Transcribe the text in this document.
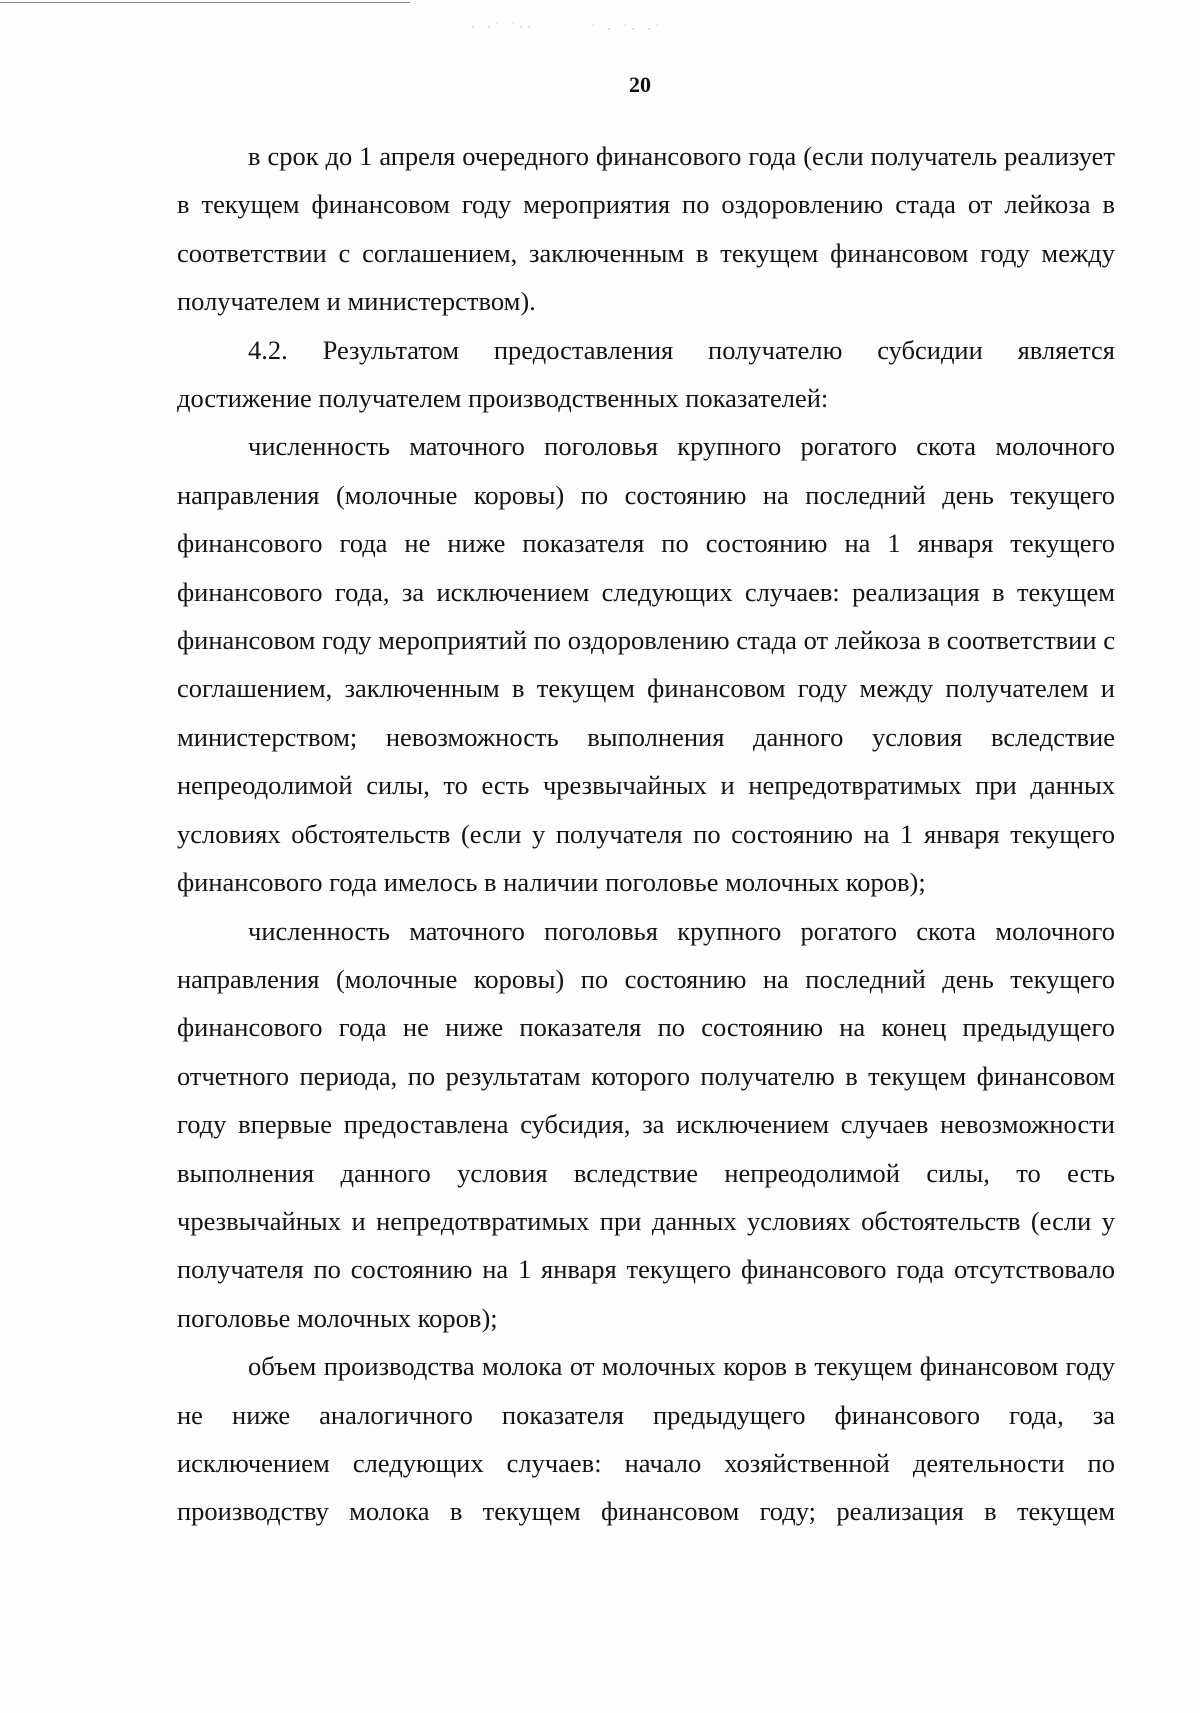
· ·˙ ˙··	˙ · ˙· ·˙
20

в срок до 1 апреля очередного финансового года (если получатель реализует в текущем финансовом году мероприятия по оздоровлению стада от лейкоза в соответствии с соглашением, заключенным в текущем финансовом году между получателем и министерством).

4.2. Результатом предоставления получателю субсидии является достижение получателем производственных показателей:

численность маточного поголовья крупного рогатого скота молочного направления (молочные коровы) по состоянию на последний день текущего финансового года не ниже показателя по состоянию на 1 января текущего финансового года, за исключением следующих случаев: реализация в текущем финансовом году мероприятий по оздоровлению стада от лейкоза в соответствии с соглашением, заключенным в текущем финансовом году между получателем и министерством; невозможность выполнения данного условия вследствие непреодолимой силы, то есть чрезвычайных и непредотвратимых при данных условиях обстоятельств (если у получателя по состоянию на 1 января текущего финансового года имелось в наличии поголовье молочных коров);

численность маточного поголовья крупного рогатого скота молочного направления (молочные коровы) по состоянию на последний день текущего финансового года не ниже показателя по состоянию на конец предыдущего отчетного периода, по результатам которого получателю в текущем финансовом году впервые предоставлена субсидия, за исключением случаев невозможности выполнения данного условия вследствие непреодолимой силы, то есть чрезвычайных и непредотвратимых при данных условиях обстоятельств (если у получателя по состоянию на 1 января текущего финансового года отсутствовало поголовье молочных коров);

объем производства молока от молочных коров в текущем финансовом году не ниже аналогичного показателя предыдущего финансового года, за исключением следующих случаев: начало хозяйственной деятельности по производству молока в текущем финансовом году; реализация в текущем
